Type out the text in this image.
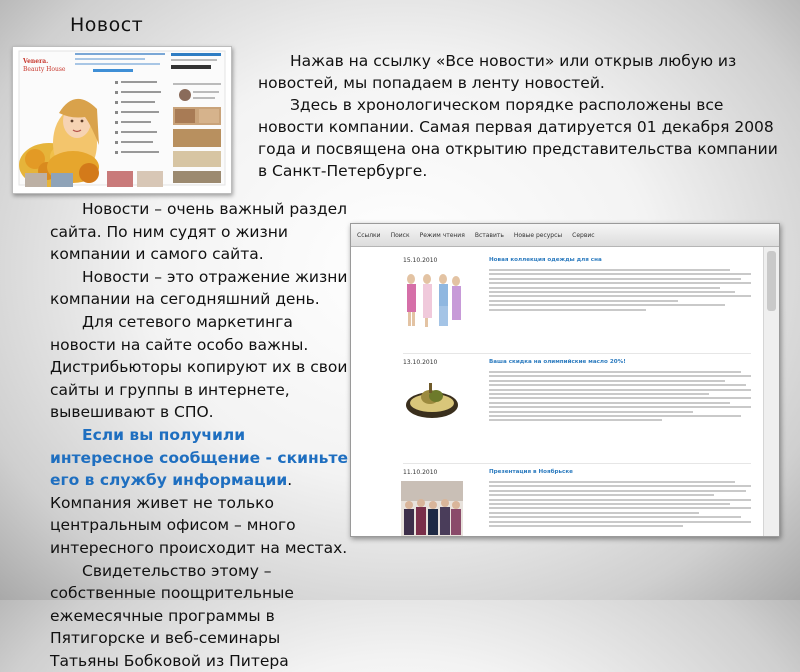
Новост
Venera.
Beauty House	Нажав на ссылку «Все новости» или открыв любую из новостей, мы попадаем в ленту новостей.

Здесь в хронологическом порядке расположены все новости компании. Самая первая датируется 01 декабря 2008 года и посвящена она открытию представительства компании в Санкт-Петербурге.

Новости – очень важный раздел сайта. По ним судят о жизни компании и самого сайта.

Новости – это отражение жизни компании на сегодняшний день.

Для сетевого маркетинга новости на сайте особо важны. Дистрибьюторы копируют их в свои сайты и группы в интернете, вывешивают в СПО.

Если вы получили интересное сообщение - скиньте его в службу информации. Компания живет не только центральным офисом – много интересного происходит на местах.

Свидетельство этому – собственные поощрительные ежемесячные программы в Пятигорске и веб-семинары Татьяны Бобковой из Питера

Ссылки Поиск Режим чтения Вставить Новые ресурсы Сервис
15.10.2010	Новая коллекция одежды для сна
13.10.2010	Ваша скидка на олимпийские масло 20%!
11.10.2010	Презентация в Ноябрьске
